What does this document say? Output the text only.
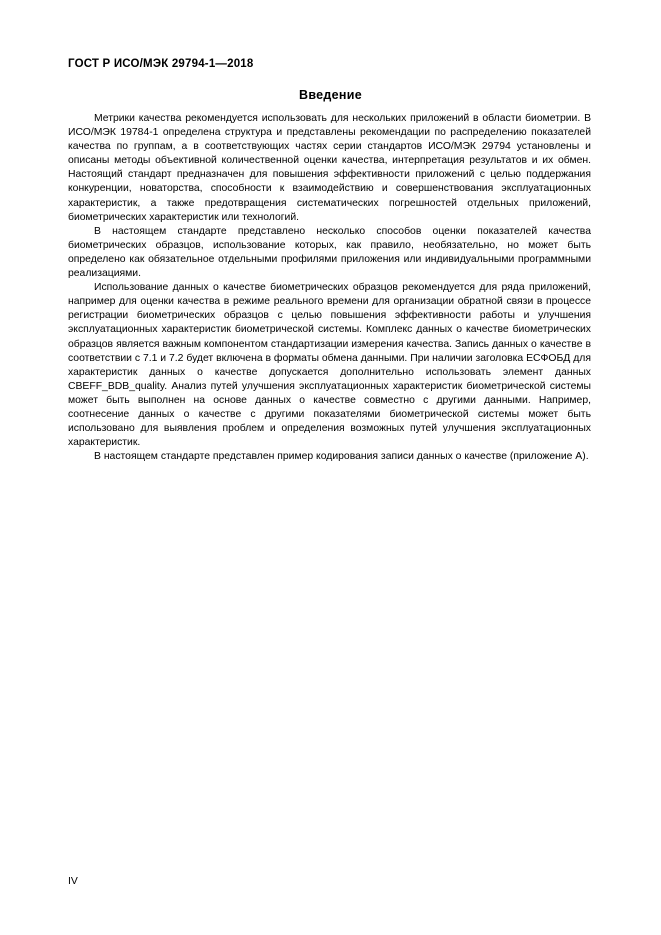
ГОСТ Р ИСО/МЭК 29794-1—2018
Введение

Метрики качества рекомендуется использовать для нескольких приложений в области биометрии. В ИСО/МЭК 19784-1 определена структура и представлены рекомендации по распределению показателей качества по группам, а в соответствующих частях серии стандартов ИСО/МЭК 29794 установлены и описаны методы объективной количественной оценки качества, интерпретация результатов и их обмен. Настоящий стандарт предназначен для повышения эффективности приложений с целью поддержания конкуренции, новаторства, способности к взаимодействию и совершенствования эксплуатационных характеристик, а также предотвращения систематических погрешностей отдельных приложений, биометрических характеристик или технологий.

В настоящем стандарте представлено несколько способов оценки показателей качества биометрических образцов, использование которых, как правило, необязательно, но может быть определено как обязательное отдельными профилями приложения или индивидуальными программными реализациями.

Использование данных о качестве биометрических образцов рекомендуется для ряда приложений, например для оценки качества в режиме реального времени для организации обратной связи в процессе регистрации биометрических образцов с целью повышения эффективности работы и улучшения эксплуатационных характеристик биометрической системы. Комплекс данных о качестве биометрических образцов является важным компонентом стандартизации измерения качества. Запись данных о качестве в соответствии с 7.1 и 7.2 будет включена в форматы обмена данными. При наличии заголовка ЕСФОБД для характеристик данных о качестве допускается дополнительно использовать элемент данных CBEFF_BDB_quality. Анализ путей улучшения эксплуатационных характеристик биометрической системы может быть выполнен на основе данных о качестве совместно с другими данными. Например, соотнесение данных о качестве с другими показателями биометрической системы может быть использовано для выявления проблем и определения возможных путей улучшения эксплуатационных характеристик.

В настоящем стандарте представлен пример кодирования записи данных о качестве (приложение А).

IV
